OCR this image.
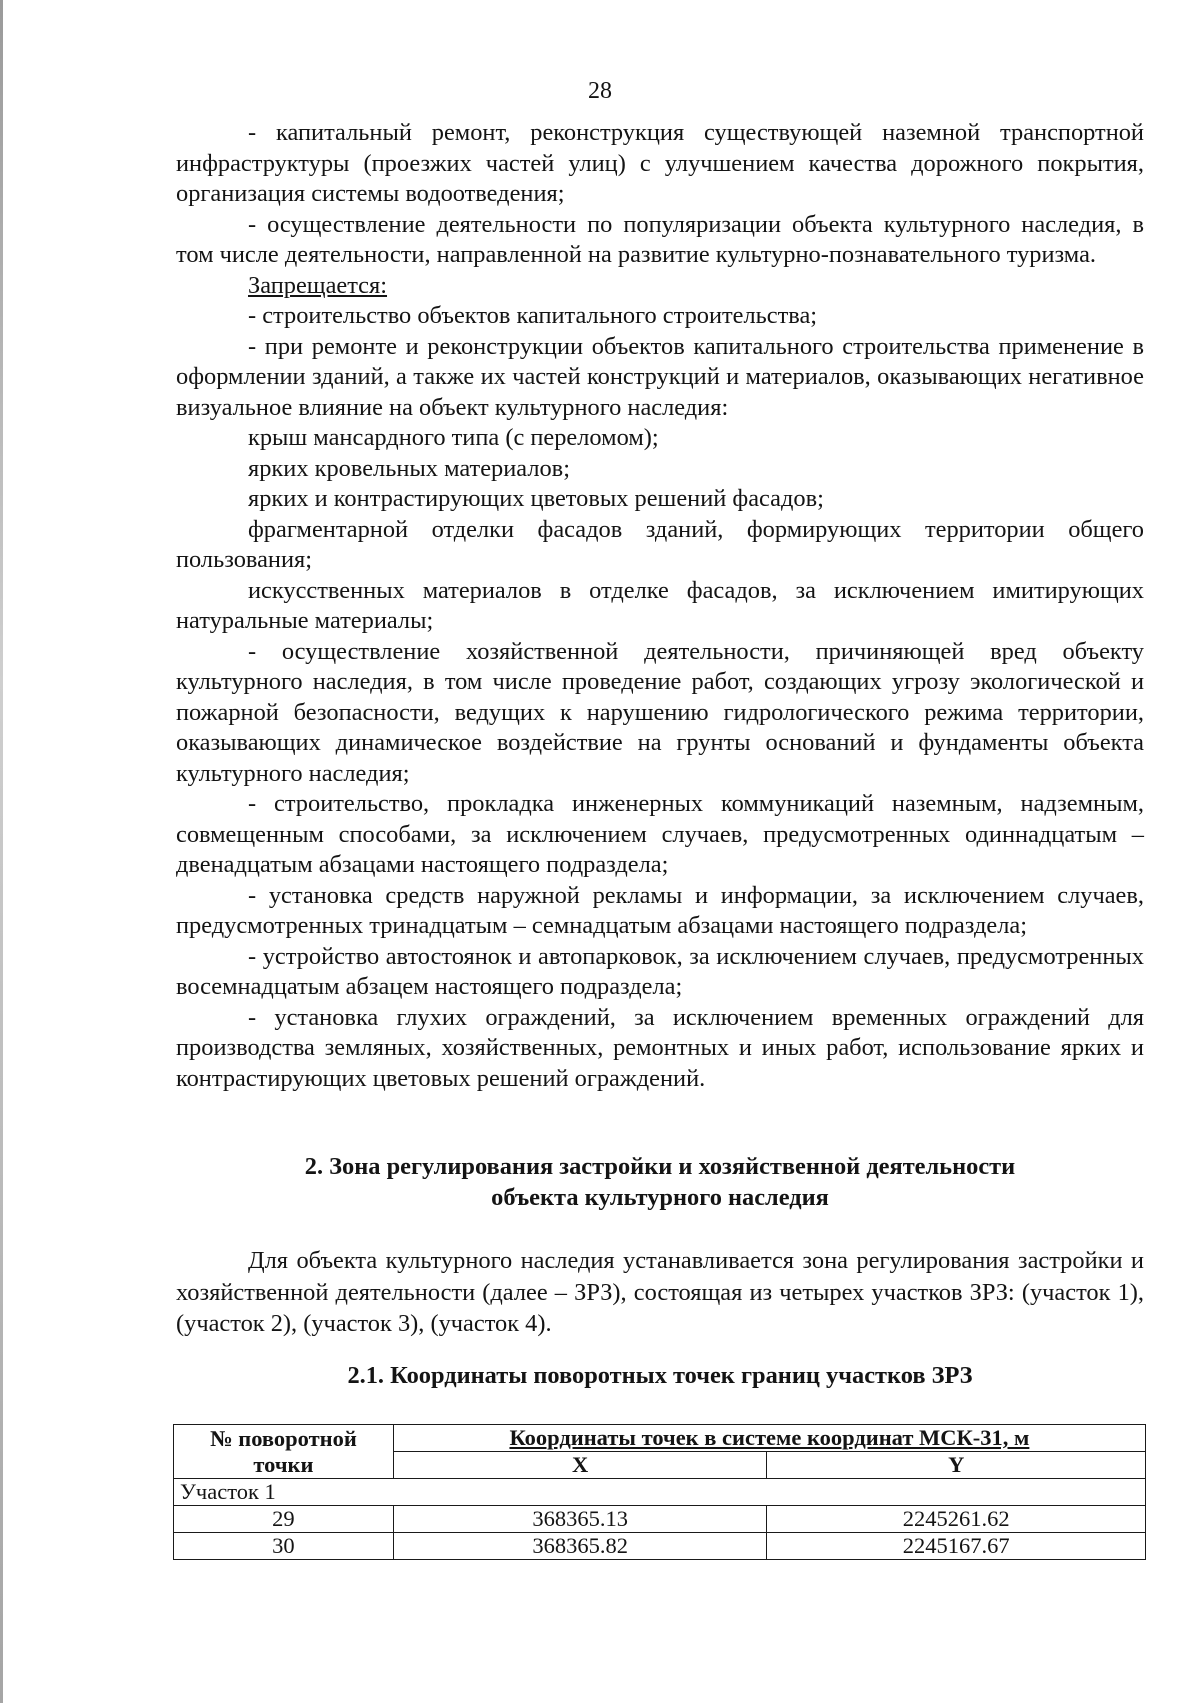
28

- капитальный ремонт, реконструкция существующей наземной транспортной инфраструктуры (проезжих частей улиц) с улучшением качества дорожного покрытия, организация системы водоотведения;

- осуществление деятельности по популяризации объекта культурного наследия, в том числе деятельности, направленной на развитие культурно-познавательного туризма.

Запрещается:

- строительство объектов капитального строительства;

- при ремонте и реконструкции объектов капитального строительства применение в оформлении зданий, а также их частей конструкций и материалов, оказывающих негативное визуальное влияние на объект культурного наследия:

крыш мансардного типа (с переломом);

ярких кровельных материалов;

ярких и контрастирующих цветовых решений фасадов;

фрагментарной отделки фасадов зданий, формирующих территории общего пользования;

искусственных материалов в отделке фасадов, за исключением имитирующих натуральные материалы;

- осуществление хозяйственной деятельности, причиняющей вред объекту культурного наследия, в том числе проведение работ, создающих угрозу экологической и пожарной безопасности, ведущих к нарушению гидрологического режима территории, оказывающих динамическое воздействие на грунты оснований и фундаменты объекта культурного наследия;

- строительство, прокладка инженерных коммуникаций наземным, надземным, совмещенным способами, за исключением случаев, предусмотренных одиннадцатым – двенадцатым абзацами настоящего подраздела;

- установка средств наружной рекламы и информации, за исключением случаев, предусмотренных тринадцатым – семнадцатым абзацами настоящего подраздела;

- устройство автостоянок и автопарковок, за исключением случаев, предусмотренных восемнадцатым абзацем настоящего подраздела;

- установка глухих ограждений, за исключением временных ограждений для производства земляных, хозяйственных, ремонтных и иных работ, использование ярких и контрастирующих цветовых решений ограждений.

2. Зона регулирования застройки и хозяйственной деятельности
объекта культурного наследия

Для объекта культурного наследия устанавливается зона регулирования застройки и хозяйственной деятельности (далее – ЗРЗ), состоящая из четырех участков ЗРЗ: (участок 1), (участок 2), (участок 3), (участок 4).

2.1. Координаты поворотных точек границ участков ЗРЗ
№ поворотной
точки	Координаты точек в системе координат МСК-31, м	
	X	Y
Участок 1		
29	368365.13	2245261.62
30	368365.82	2245167.67
